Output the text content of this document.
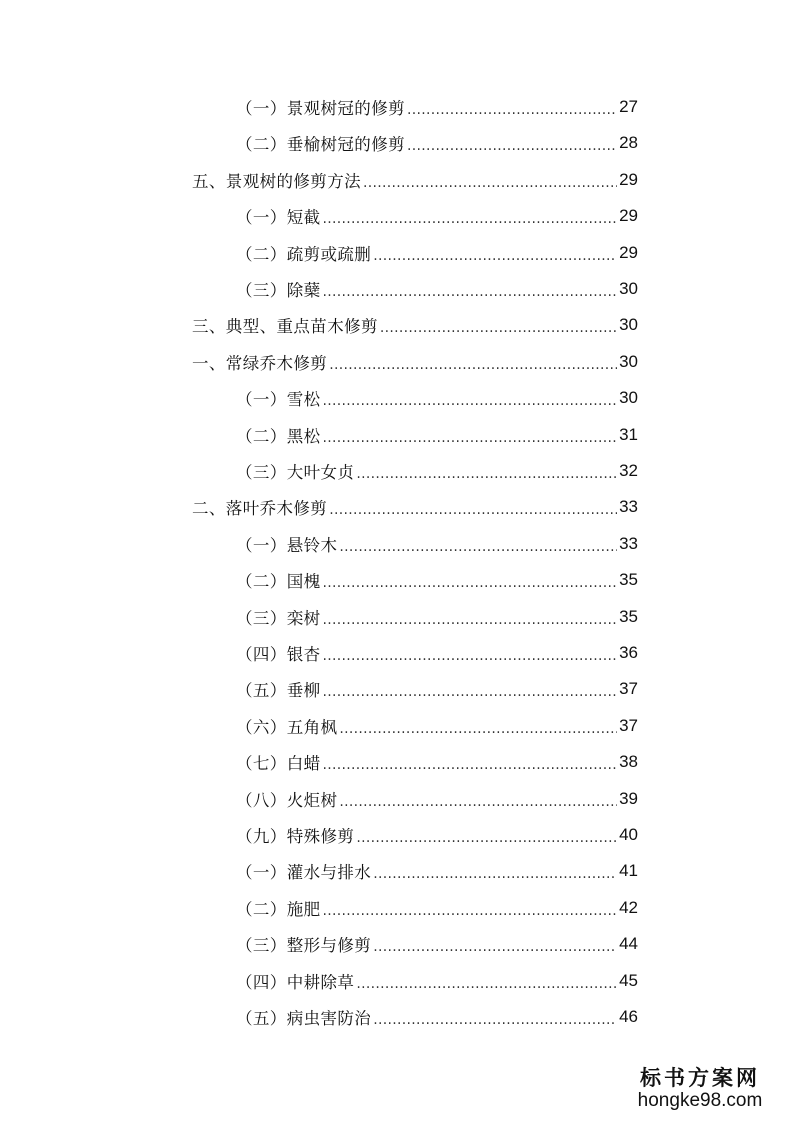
（一）景观树冠的修剪 .....	27
（二）垂榆树冠的修剪 .....	28
五、景观树的修剪方法 .....	29
（一）短截 .....	29
（二）疏剪或疏删 .....	29
（三）除蘖 .....	30
三、典型、重点苗木修剪 .....	30
一、常绿乔木修剪 .....	30
（一）雪松 .....	30
（二）黑松 .....	31
（三）大叶女贞 .....	32
二、落叶乔木修剪 .....	33
（一）悬铃木 .....	33
（二）国槐 .....	35
（三）栾树 .....	35
（四）银杏 .....	36
（五）垂柳 .....	37
（六）五角枫 .....	37
（七）白蜡 .....	38
（八）火炬树 .....	39
（九）特殊修剪 .....	40
（一）灌水与排水 .....	41
（二）施肥 .....	42
（三）整形与修剪 .....	44
（四）中耕除草 .....	45
（五）病虫害防治 .....	46
标书方案网
hongke98.com
